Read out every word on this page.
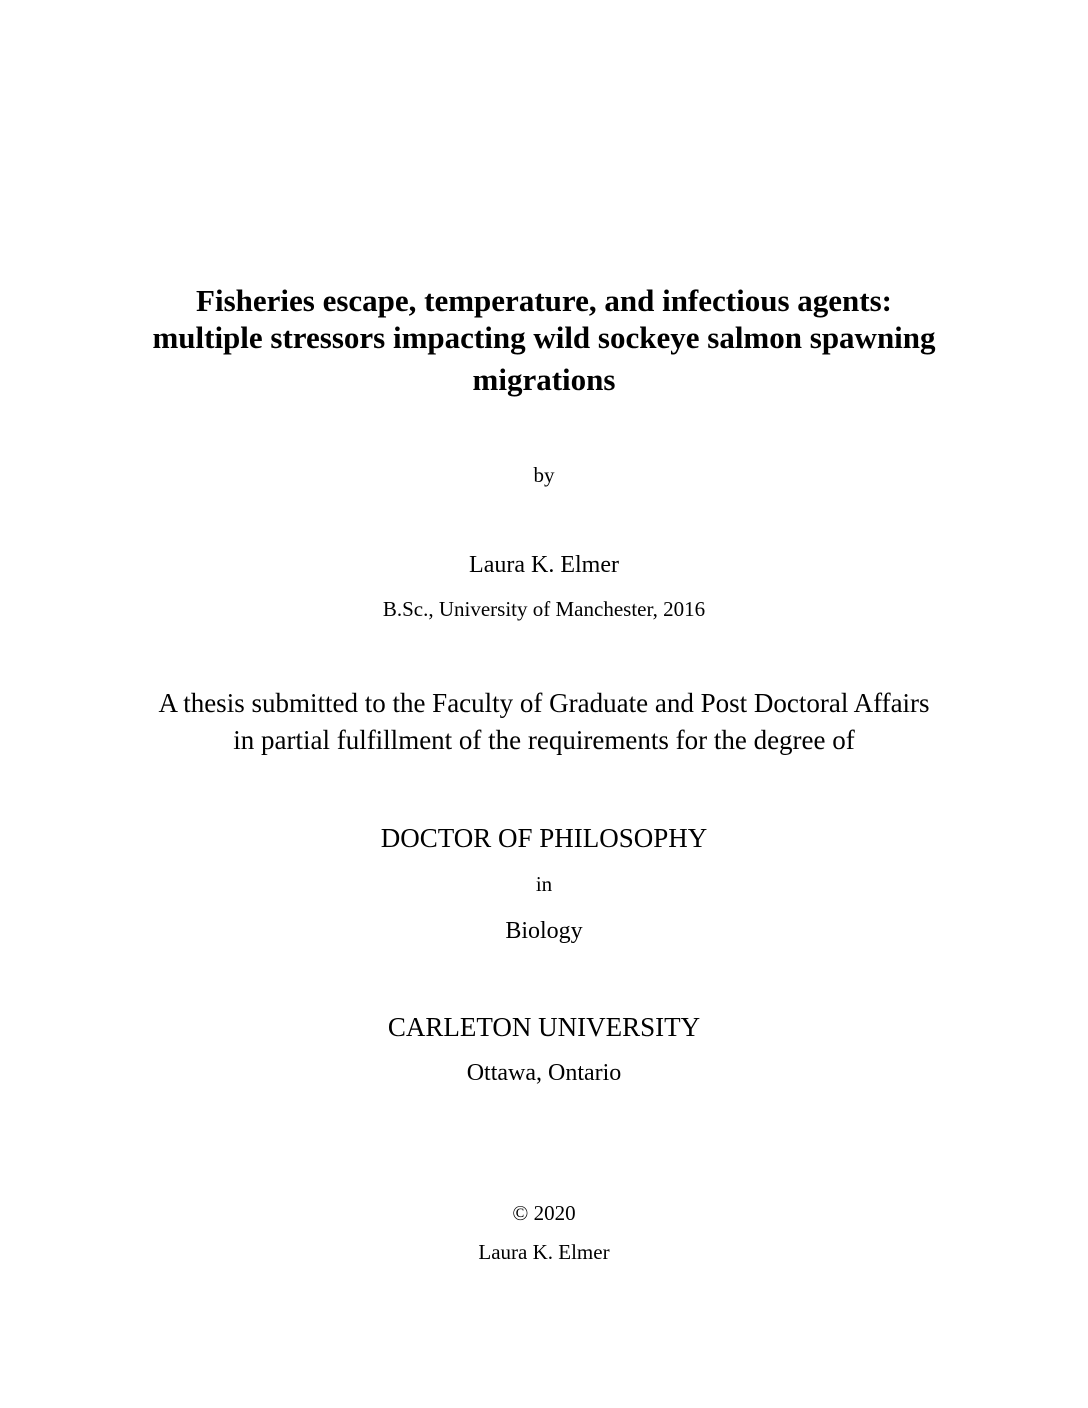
Fisheries escape, temperature, and infectious agents:
multiple stressors impacting wild sockeye salmon spawning
migrations
by
Laura K. Elmer
B.Sc., University of Manchester, 2016
A thesis submitted to the Faculty of Graduate and Post Doctoral Affairs
in partial fulfillment of the requirements for the degree of
DOCTOR OF PHILOSOPHY
in
Biology
CARLETON UNIVERSITY
Ottawa, Ontario
© 2020
Laura K. Elmer
